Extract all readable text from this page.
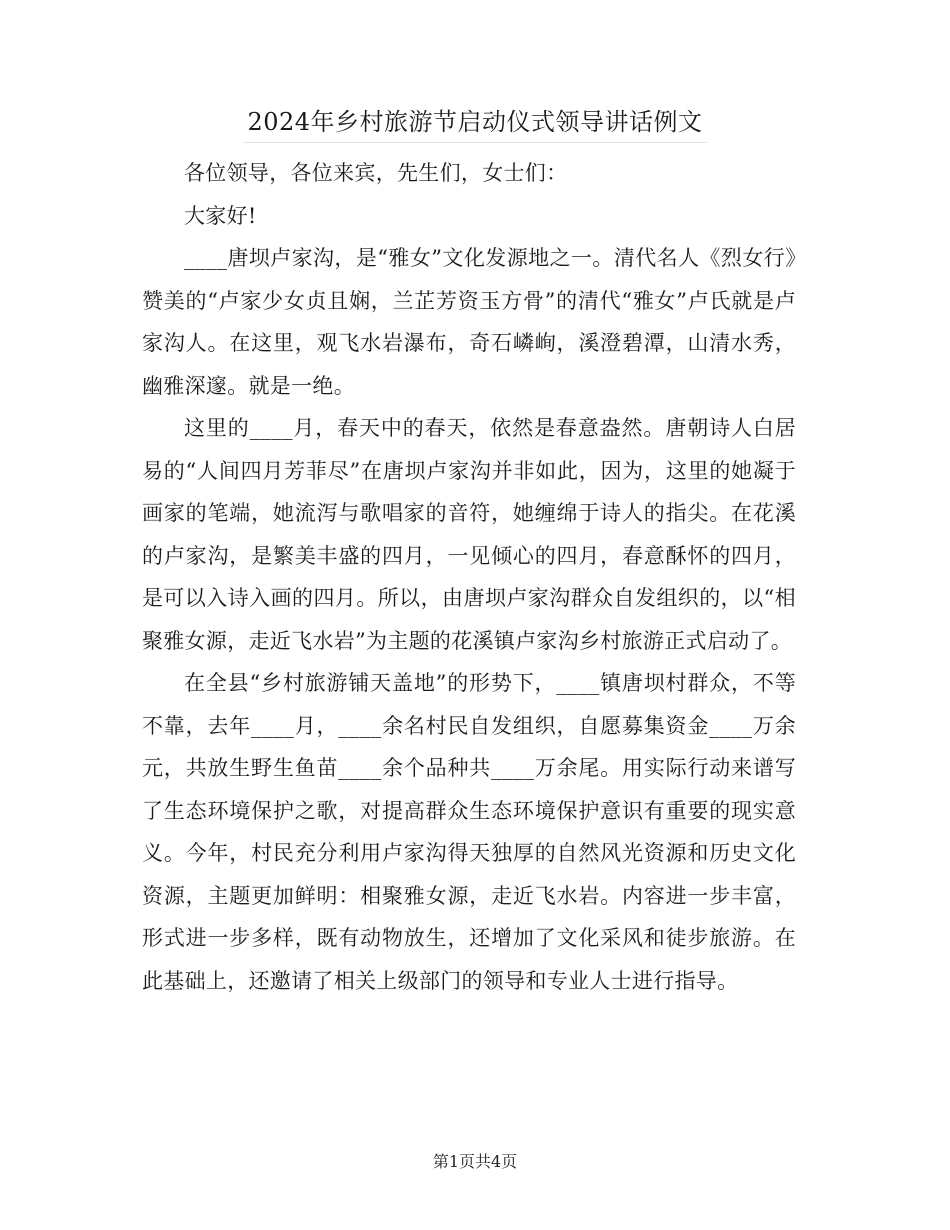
2024年乡村旅游节启动仪式领导讲话例文

各位领导，各位来宾，先生们，女士们：

大家好!

____唐坝卢家沟，是“雅女”文化发源地之一。清代名人《烈女行》赞美的“卢家少女贞且娴，兰芷芳资玉方骨”的清代“雅女”卢氏就是卢家沟人。在这里，观飞水岩瀑布，奇石嶙峋，溪澄碧潭，山清水秀，幽雅深邃。就是一绝。

这里的____月，春天中的春天，依然是春意盎然。唐朝诗人白居易的“人间四月芳菲尽”在唐坝卢家沟并非如此，因为，这里的她凝于画家的笔端，她流泻与歌唱家的音符，她缠绵于诗人的指尖。在花溪的卢家沟，是繁美丰盛的四月，一见倾心的四月，春意酥怀的四月，是可以入诗入画的四月。所以，由唐坝卢家沟群众自发组织的，以“相聚雅女源，走近飞水岩”为主题的花溪镇卢家沟乡村旅游正式启动了。

在全县“乡村旅游铺天盖地”的形势下，____镇唐坝村群众，不等不靠，去年____月，____余名村民自发组织，自愿募集资金____万余元，共放生野生鱼苗____余个品种共____万余尾。用实际行动来谱写了生态环境保护之歌，对提高群众生态环境保护意识有重要的现实意义。今年，村民充分利用卢家沟得天独厚的自然风光资源和历史文化资源，主题更加鲜明：相聚雅女源，走近飞水岩。内容进一步丰富，形式进一步多样，既有动物放生，还增加了文化采风和徒步旅游。在此基础上，还邀请了相关上级部门的领导和专业人士进行指导。

第1页共4页
